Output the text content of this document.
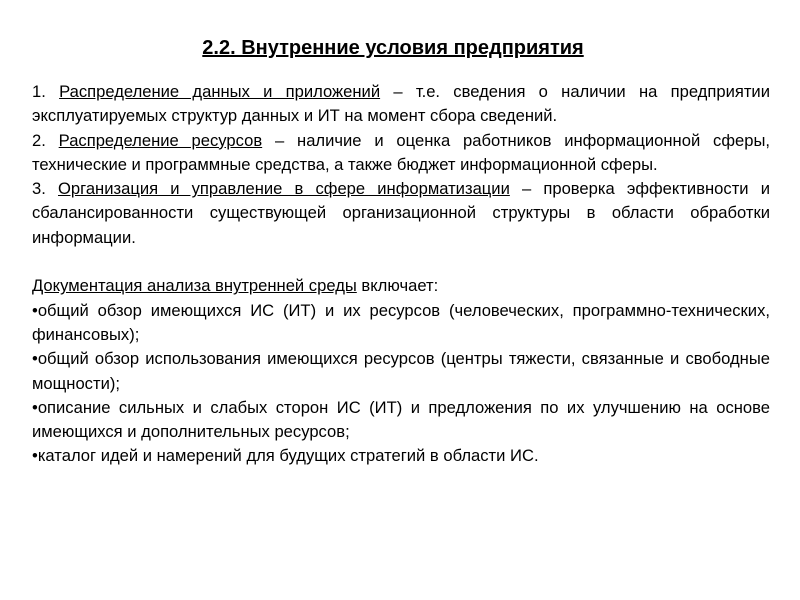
2.2. Внутренние условия предприятия

1. Распределение данных и приложений – т.е. сведения о наличии на предприятии эксплуатируемых структур данных и ИТ на момент сбора сведений.

2. Распределение ресурсов – наличие и оценка работников информационной сферы, технические и программные средства, а также бюджет информационной сферы.

3. Организация и управление в сфере информатизации – проверка эффективности и сбалансированности существующей организационной структуры в области обработки информации.

Документация анализа внутренней среды включает:

•общий обзор имеющихся ИС (ИТ) и их ресурсов (человеческих, программно-технических, финансовых);

•общий обзор использования имеющихся ресурсов (центры тяжести, связанные и свободные мощности);

•описание сильных и слабых сторон ИС (ИТ) и предложения по их улучшению на основе имеющихся и дополнительных ресурсов;

•каталог идей и намерений для будущих стратегий в области ИС.
